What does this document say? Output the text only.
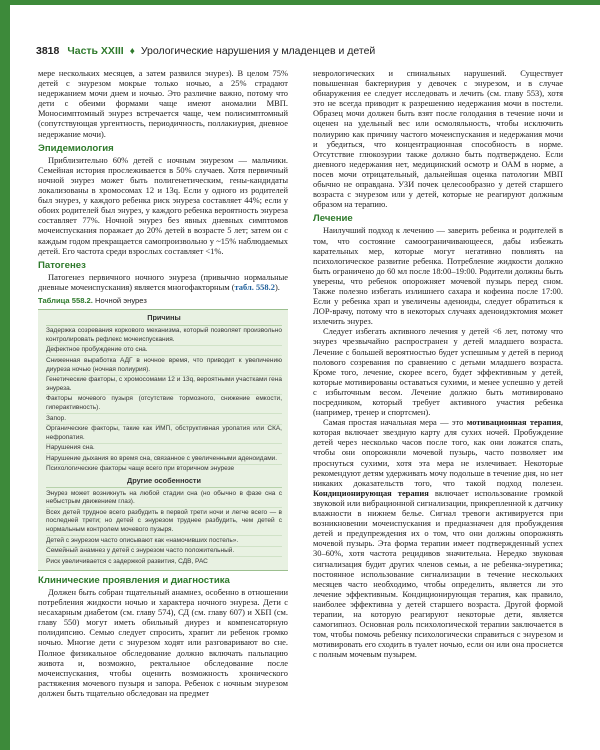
3818 Часть XXIII ♦ Урологические нарушения у младенцев и детей

мере нескольких месяцев, а затем развился энурез). В целом 75% детей с энурезом мокрые только ночью, а 25% страдают недержанием мочи днем и ночью. Это различие важно, потому что дети с обеими формами чаще имеют аномалии МВП. Моносимптомный энурез встречается чаще, чем полисимптомный (сопутствующая ургентность, периодичность, поллакиурия, дневное недержание мочи).

Эпидемиология

Приблизительно 60% детей с ночным энурезом — мальчики. Семейная история прослеживается в 50% случаев. Хотя первичный ночной энурез может быть полигенетическим, гены-кандидаты локализованы в хромосомах 12 и 13q. Если у одного из родителей был энурез, у каждого ребенка риск энуреза составляет 44%; если у обоих родителей был энурез, у каждого ребенка вероятность энуреза составляет 77%. Ночной энурез без явных дневных симптомов мочеиспускания поражает до 20% детей в возрасте 5 лет; затем он с каждым годом прекращается самопроизвольно у ~15% наблюдаемых детей. Его частота среди взрослых составляет <1%.

Патогенез

Патогенез первичного ночного энуреза (привычно нормальные дневные мочеиспускания) является многофакторным (табл. 558.2).

Таблица 558.2. Ночной энурез
Причины
Задержка созревания коркового механизма, который позволяет произвольно контролировать рефлекс мочеиспускания.
Дефектное пробуждение ото сна.
Сниженная выработка АДГ в ночное время, что приводит к увеличению диуреза ночью (ночная полиурия).
Генетические факторы, с хромосомами 12 и 13q, вероятными участками гена энуреза.
Факторы мочевого пузыря (отсутствие тормозного, снижение емкости, гиперактивность).
Запор.
Органические факторы, такие как ИМП, обструктивная уропатия или СКА, нефропатия.
Нарушения сна.
Нарушение дыхания во время сна, связанное с увеличенными аденоидами.
Психологические факторы чаще всего при вторичном энурезе
Другие особенности
Энурез может возникнуть на любой стадии сна (но обычно в фазе сна с небыстрым движением глаз).
Всех детей трудное всего разбудить в первой трети ночи и легче всего — в последней трети; но детей с энурезом труднее разбудить, чем детей с нормальным контролем мочевого пузыря.
Детей с энурезом часто описывают как «намочивших постель».
Семейный анамнез у детей с энурезом часто положительный.
Риск увеличивается с задержкой развития, СДВ, РАС
Клинические проявления и диагностика

Должен быть собран тщательный анамнез, особенно в отношении потребления жидкости ночью и характера ночного энуреза. Дети с несахарным диабетом (см. главу 574), СД (см. главу 607) и ХБП (см. главу 550) могут иметь обильный диурез и компенсаторную полидипсию. Семью следует спросить, храпит ли ребенок громко ночью. Многие дети с энурезом ходят или разговаривают во сне. Полное физикальное обследование должно включать пальпацию живота и, возможно, ректальное обследование после мочеиспускания, чтобы оценить возможность хронического растяжения мочевого пузыря и запора. Ребенок с ночным энурезом должен быть тщательно обследован на предмет

неврологических и спинальных нарушений. Существует повышенная бактериурия у девочек с энурезом, и в случае обнаружения ее следует исследовать и лечить (см. главу 553), хотя это не всегда приводит к разрешению недержания мочи в постели. Образец мочи должен быть взят после голодания в течение ночи и оценен на удельный вес или осмоляльность, чтобы исключить полиурию как причину частого мочеиспускания и недержания мочи и убедиться, что концентрационная способность в норме. Отсутствие глюкозурии также должно быть подтверждено. Если дневного недержания нет, медицинский осмотр и ОАМ в норме, а посев мочи отрицательный, дальнейшая оценка патологии МВП обычно не оправдана. УЗИ почек целесообразно у детей старшего возраста с энурезом или у детей, которые не реагируют должным образом на терапию.

Лечение

Наилучший подход к лечению — заверить ребенка и родителей в том, что состояние самоограничивающееся, дабы избежать карательных мер, которые могут негативно повлиять на психологическое развитие ребенка. Потребление жидкости должно быть ограничено до 60 мл после 18:00–19:00. Родители должны быть уверены, что ребенок опорожняет мочевой пузырь перед сном. Также полезно избегать излишнего сахара и кофеина после 17:00. Если у ребенка храп и увеличены аденоиды, следует обратиться к ЛОР-врачу, потому что в некоторых случаях аденоидэктомия может излечить энурез.

Следует избегать активного лечения у детей <6 лет, потому что энурез чрезвычайно распространен у детей младшего возраста. Лечение с большей вероятностью будет успешным у детей в период полового созревания по сравнению с детьми младшего возраста. Кроме того, лечение, скорее всего, будет эффективным у детей, которые мотивированы оставаться сухими, и менее успешно у детей с избыточным весом. Лечение должно быть мотивировано посредником, который требует активного участия ребенка (например, тренер и спортсмен).

Самая простая начальная мера — это мотивационная терапия, которая включает звездную карту для сухих ночей. Пробуждение детей через несколько часов после того, как они ложатся спать, чтобы они опорожняли мочевой пузырь, часто позволяет им проснуться сухими, хотя эта мера не излечивает. Некоторые рекомендуют детям удерживать мочу подольше в течение дня, но нет никаких доказательств того, что такой подход полезен. Кондиционирующая терапия включает использование громкой звуковой или вибрационной сигнализации, прикрепленной к датчику влажности в нижнем белье. Сигнал тревоги активируется при возникновении мочеиспускания и предназначен для пробуждения детей и предупреждения их о том, что они должны опорожнять мочевой пузырь. Эта форма терапии имеет подтвержденный успех 30–60%, хотя частота рецидивов значительна. Нередко звуковая сигнализация будит других членов семьи, а не ребенка-энуретика; постоянное использование сигнализации в течение нескольких месяцев часто необходимо, чтобы определить, является ли это лечение эффективным. Кондиционирующая терапия, как правило, наиболее эффективна у детей старшего возраста. Другой формой терапии, на которую реагируют некоторые дети, является самогипноз. Основная роль психологической терапии заключается в том, чтобы помочь ребенку психологически справиться с энурезом и мотивировать его сходить в туалет ночью, если он или она проснется с полным мочевым пузырем.
